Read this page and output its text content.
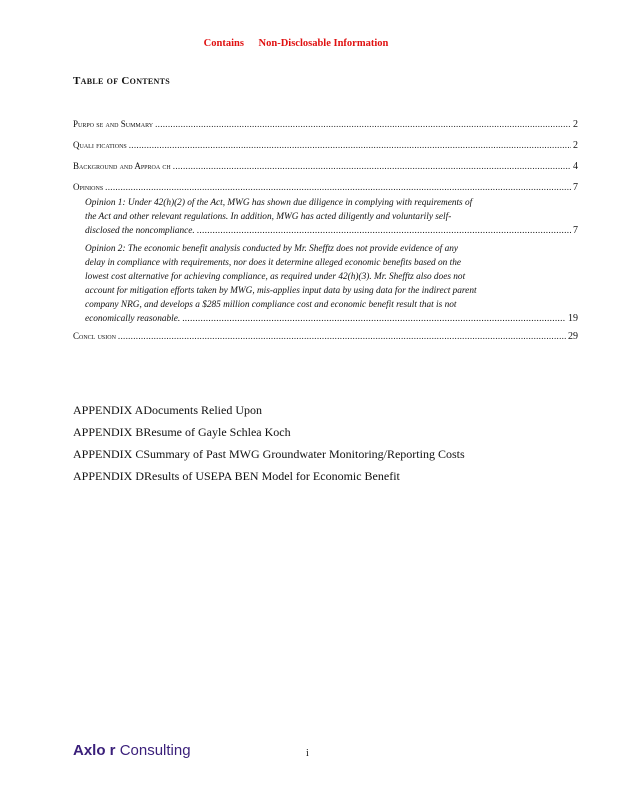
Contains Non-Disclosable Information
Table of Contents
Purpo se and Summary .....	2
Quali fications .....	2
Background and Approa ch .....	4
Opinions .....	7
Opinion 1: Under 42(h)(2) of the Act, MWG has shown due diligence in complying with requirements of
the Act and other relevant regulations. In addition, MWG has acted diligently and voluntarily self-
disclosed the noncompliance. .....	7
Opinion 2: The economic benefit analysis conducted by Mr. Shefftz does not provide evidence of any
delay in compliance with requirements, nor does it determine alleged economic benefits based on the
lowest cost alternative for achieving compliance, as required under 42(h)(3). Mr. Shefftz also does not
account for mitigation efforts taken by MWG, mis-applies input data by using data for the indirect parent
company NRG, and develops a $285 million compliance cost and economic benefit result that is not
economically reasonable. .....	19
Concl usion .....	29
APPENDIX ADocuments Relied Upon
APPENDIX BResume of Gayle Schlea Koch
APPENDIX CSummary of Past MWG Groundwater Monitoring/Reporting Costs
APPENDIX DResults of USEPA BEN Model for Economic Benefit
Axlo r Consulting	i
